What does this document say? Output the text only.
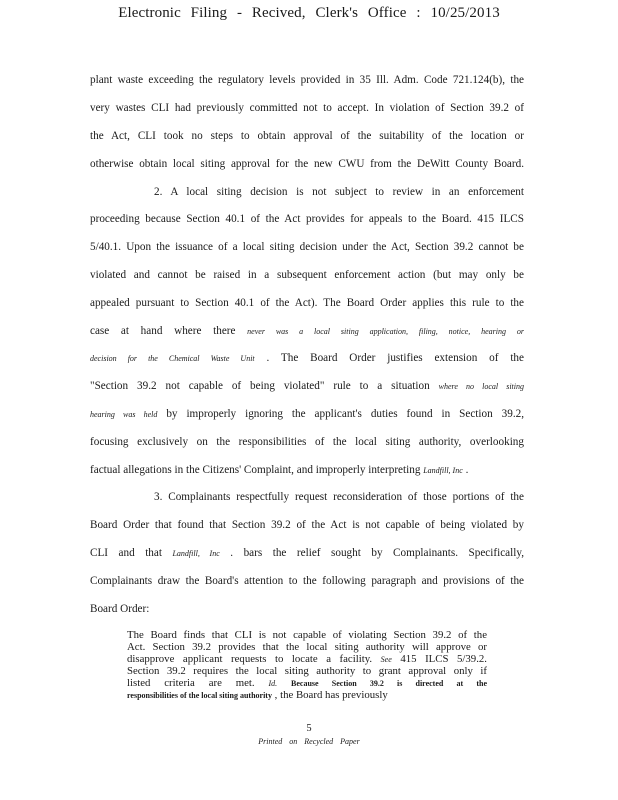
Electronic Filing - Recived, Clerk's Office : 10/25/2013
plant waste exceeding the regulatory levels provided in 35 Ill. Adm. Code 721.124(b), the
very wastes CLI had previously committed not to accept. In violation of Section 39.2 of
the Act, CLI took no steps to obtain approval of the suitability of the location or
otherwise obtain local siting approval for the new CWU from the DeWitt County Board.
2. A local siting decision is not subject to review in an enforcement
proceeding because Section 40.1 of the Act provides for appeals to the Board. 415 ILCS
5/40.1. Upon the issuance of a local siting decision under the Act, Section 39.2 cannot be
violated and cannot be raised in a subsequent enforcement action (but may only be
appealed pursuant to Section 40.1 of the Act). The Board Order applies this rule to the
case at hand where there never was a local siting application, filing, notice, hearing or
decision for the Chemical Waste Unit . The Board Order justifies extension of the
"Section 39.2 not capable of being violated" rule to a situation where no local siting
hearing was held by improperly ignoring the applicant's duties found in Section 39.2,
focusing exclusively on the responsibilities of the local siting authority, overlooking
factual allegations in the Citizens' Complaint, and improperly interpreting Landfill, Inc .
3. Complainants respectfully request reconsideration of those portions of the
Board Order that found that Section 39.2 of the Act is not capable of being violated by
CLI and that Landfill, Inc . bars the relief sought by Complainants. Specifically,
Complainants draw the Board's attention to the following paragraph and provisions of the
Board Order:
The Board finds that CLI is not capable of violating Section 39.2 of the
Act. Section 39.2 provides that the local siting authority will approve or
disapprove applicant requests to locate a facility. See 415 ILCS 5/39.2.
Section 39.2 requires the local siting authority to grant approval only if
listed criteria are met. Id. Because Section 39.2 is directed at the
responsibilities of the local siting authority , the Board has previously
5
Printed on Recycled Paper
